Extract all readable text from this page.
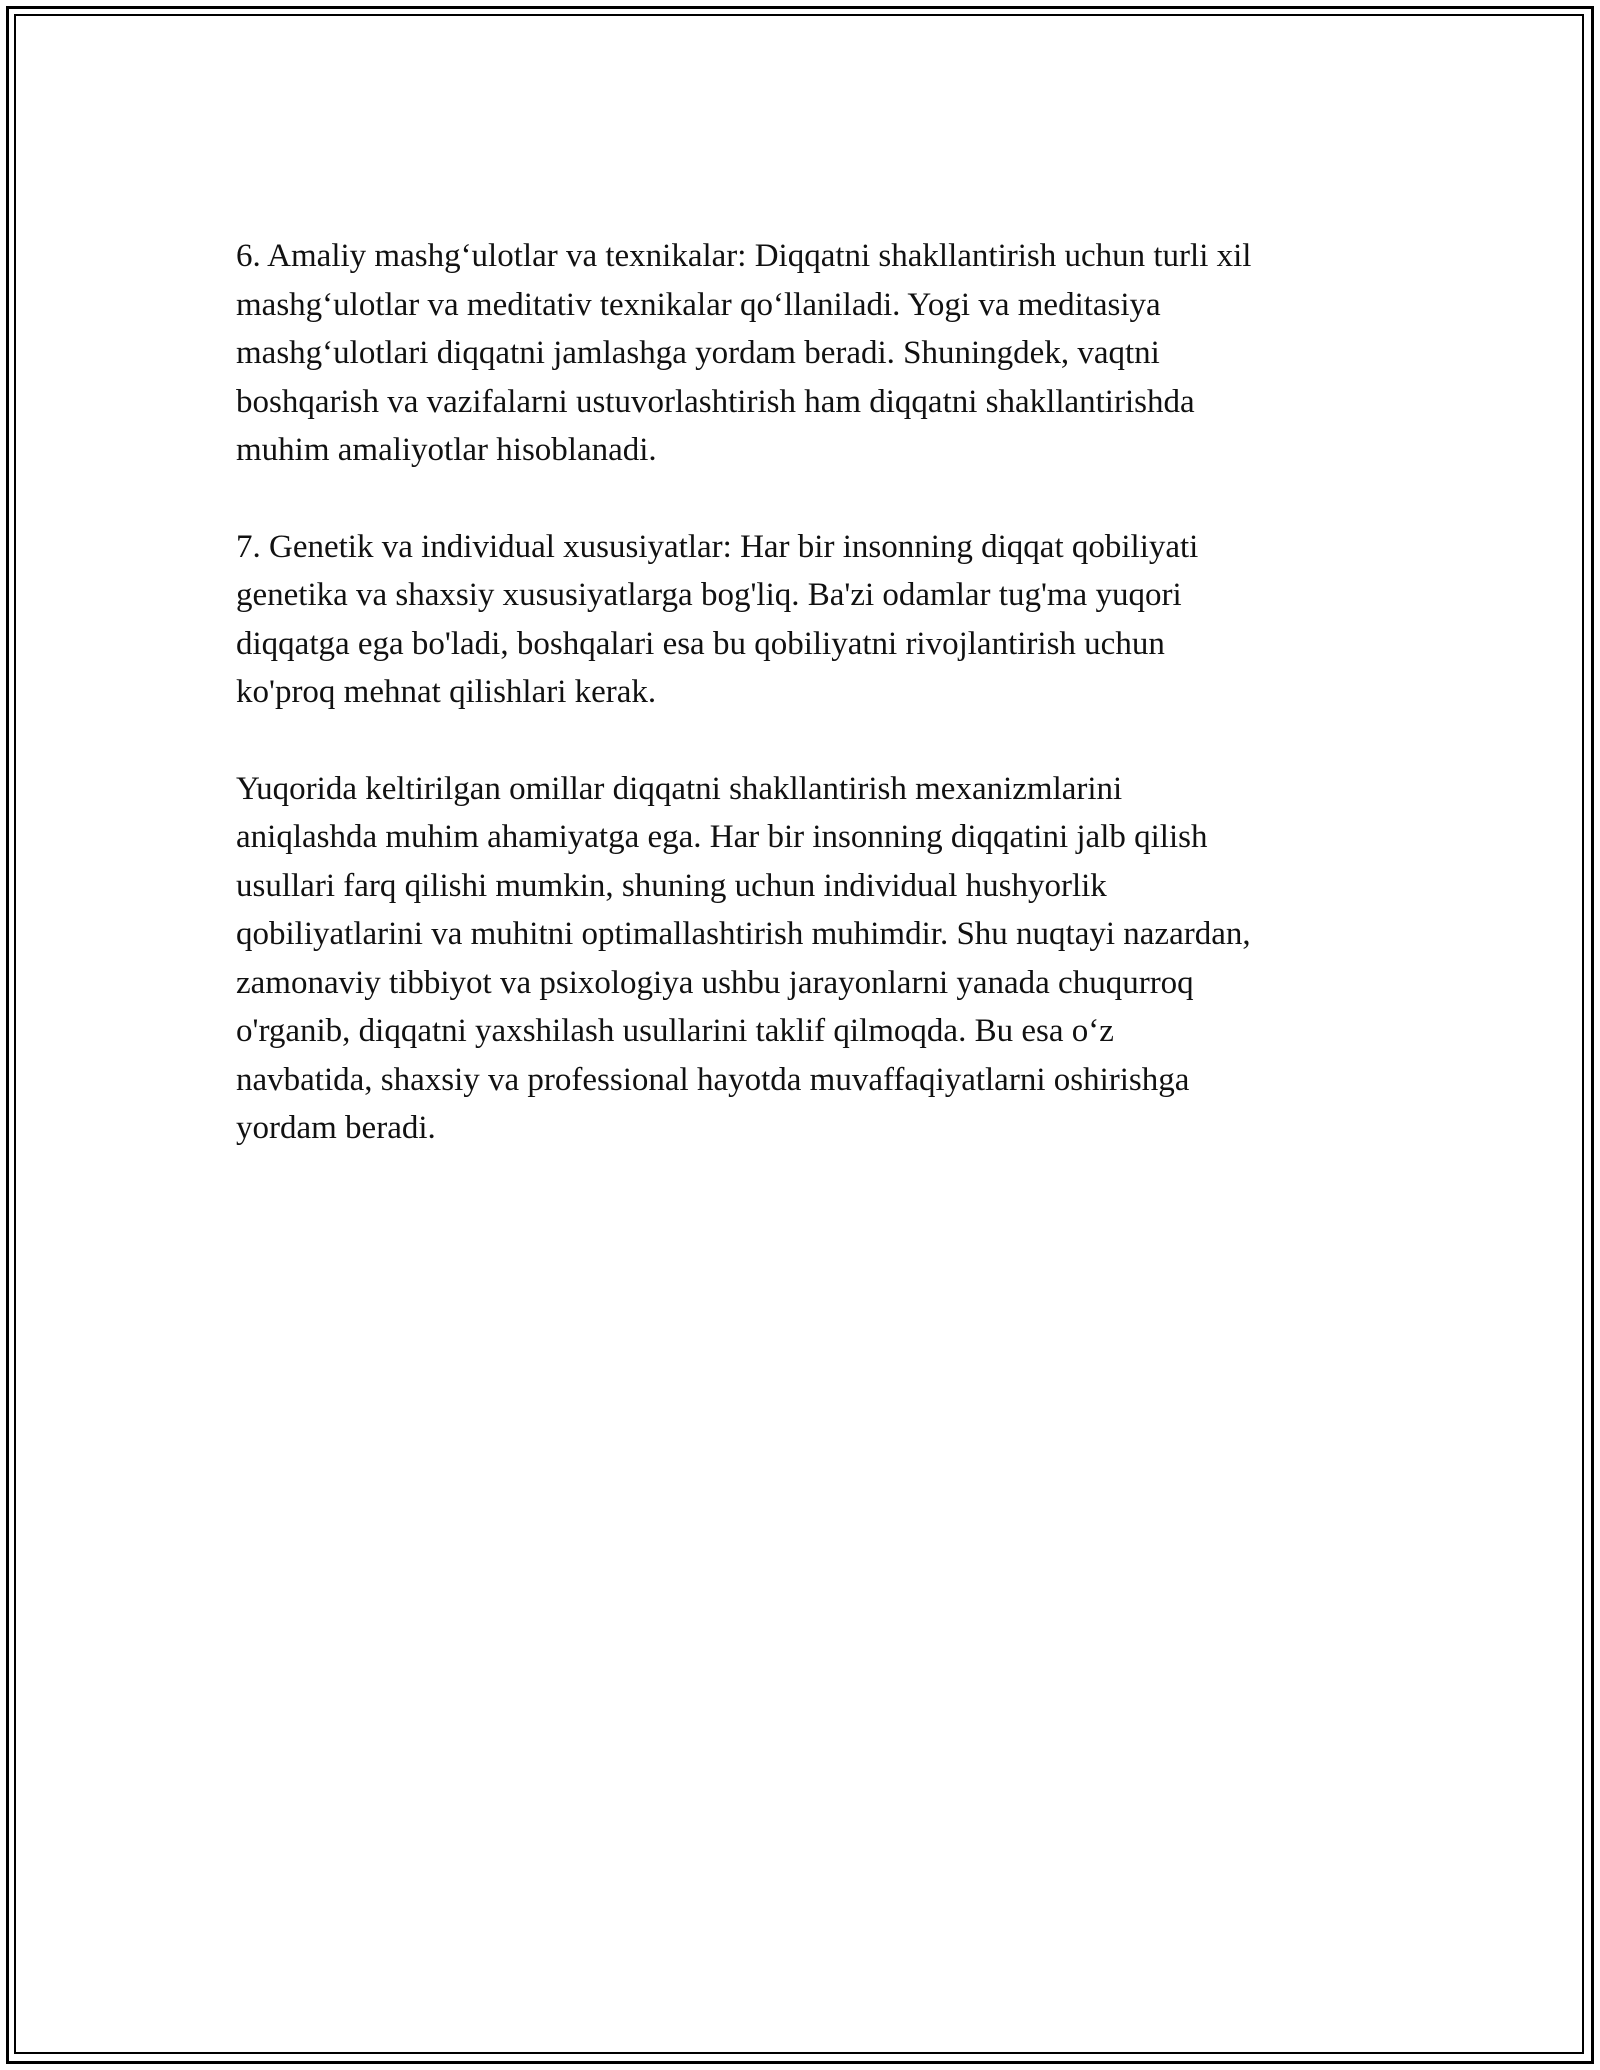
6. Amaliy mashg‘ulotlar va texnikalar: Diqqatni shakllantirish uchun turli xil
mashg‘ulotlar va meditativ texnikalar qo‘llaniladi. Yogi va meditasiya
mashg‘ulotlari diqqatni jamlashga yordam beradi. Shuningdek, vaqtni
boshqarish va vazifalarni ustuvorlashtirish ham diqqatni shakllantirishda
muhim amaliyotlar hisoblanadi.

7. Genetik va individual xususiyatlar: Har bir insonning diqqat qobiliyati
genetika va shaxsiy xususiyatlarga bog'liq. Ba'zi odamlar tug'ma yuqori
diqqatga ega bo'ladi, boshqalari esa bu qobiliyatni rivojlantirish uchun
ko'proq mehnat qilishlari kerak.

Yuqorida keltirilgan omillar diqqatni shakllantirish mexanizmlarini
aniqlashda muhim ahamiyatga ega. Har bir insonning diqqatini jalb qilish
usullari farq qilishi mumkin, shuning uchun individual hushyorlik
qobiliyatlarini va muhitni optimallashtirish muhimdir. Shu nuqtayi nazardan,
zamonaviy tibbiyot va psixologiya ushbu jarayonlarni yanada chuqurroq
o'rganib, diqqatni yaxshilash usullarini taklif qilmoqda. Bu esa o‘z
navbatida, shaxsiy va professional hayotda muvaffaqiyatlarni oshirishga
yordam beradi.
